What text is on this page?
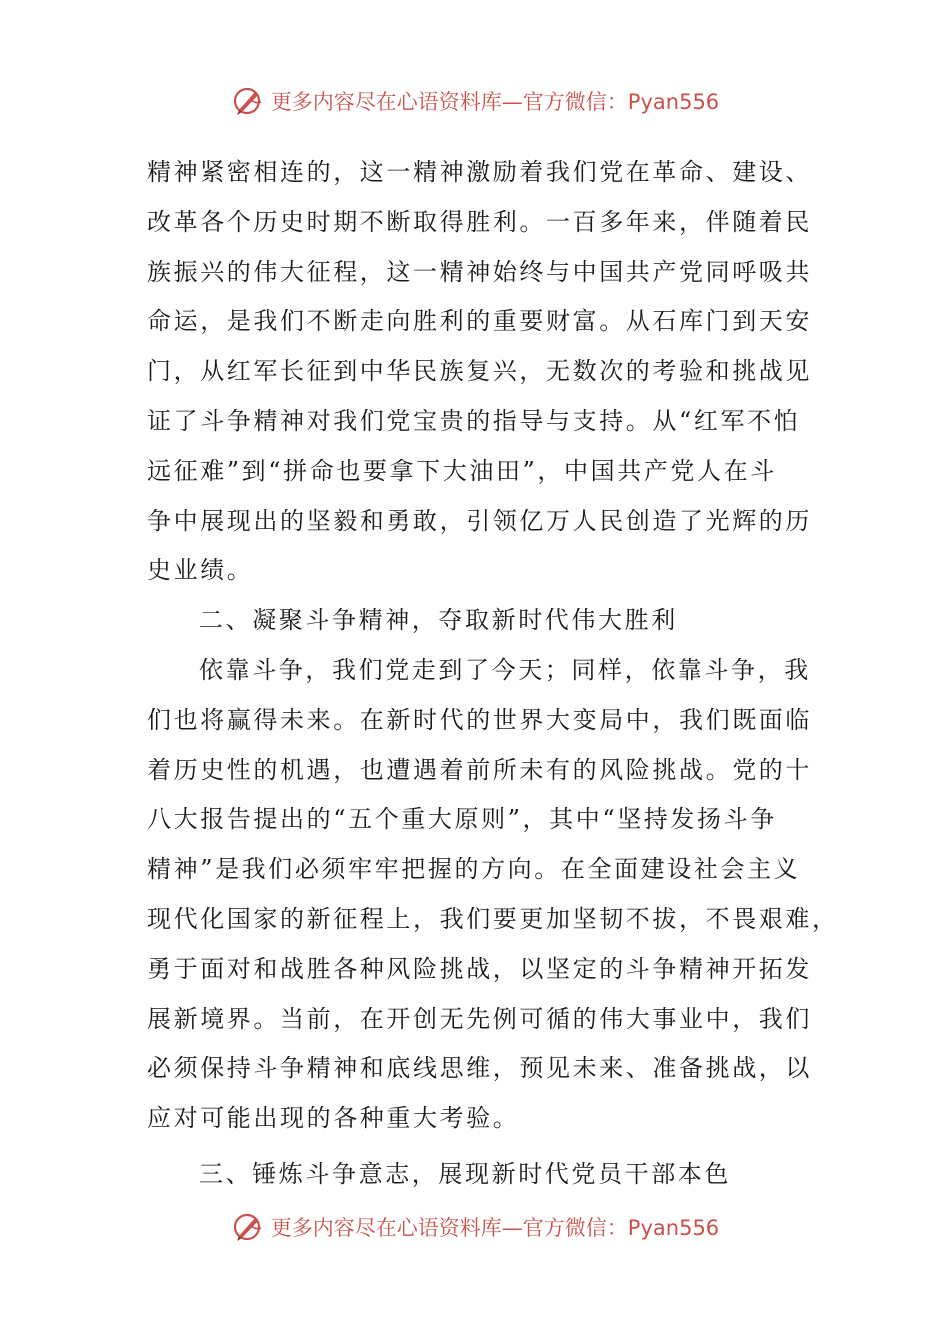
更多内容尽在心语资料库—官方微信：Pyan556
精神紧密相连的，这一精神激励着我们党在革命、建设、
改革各个历史时期不断取得胜利。一百多年来，伴随着民
族振兴的伟大征程，这一精神始终与中国共产党同呼吸共
命运，是我们不断走向胜利的重要财富。从石库门到天安
门，从红军长征到中华民族复兴，无数次的考验和挑战见
证了斗争精神对我们党宝贵的指导与支持。从“红军不怕
远征难”到“拼命也要拿下大油田”，中国共产党人在斗
争中展现出的坚毅和勇敢，引领亿万人民创造了光辉的历
史业绩。
二、凝聚斗争精神，夺取新时代伟大胜利
依靠斗争，我们党走到了今天；同样，依靠斗争，我
们也将赢得未来。在新时代的世界大变局中，我们既面临
着历史性的机遇，也遭遇着前所未有的风险挑战。党的十
八大报告提出的“五个重大原则”，其中“坚持发扬斗争
精神”是我们必须牢牢把握的方向。在全面建设社会主义
现代化国家的新征程上，我们要更加坚韧不拔，不畏艰难，
勇于面对和战胜各种风险挑战，以坚定的斗争精神开拓发
展新境界。当前，在开创无先例可循的伟大事业中，我们
必须保持斗争精神和底线思维，预见未来、准备挑战，以
应对可能出现的各种重大考验。
三、锤炼斗争意志，展现新时代党员干部本色
更多内容尽在心语资料库—官方微信：Pyan556
